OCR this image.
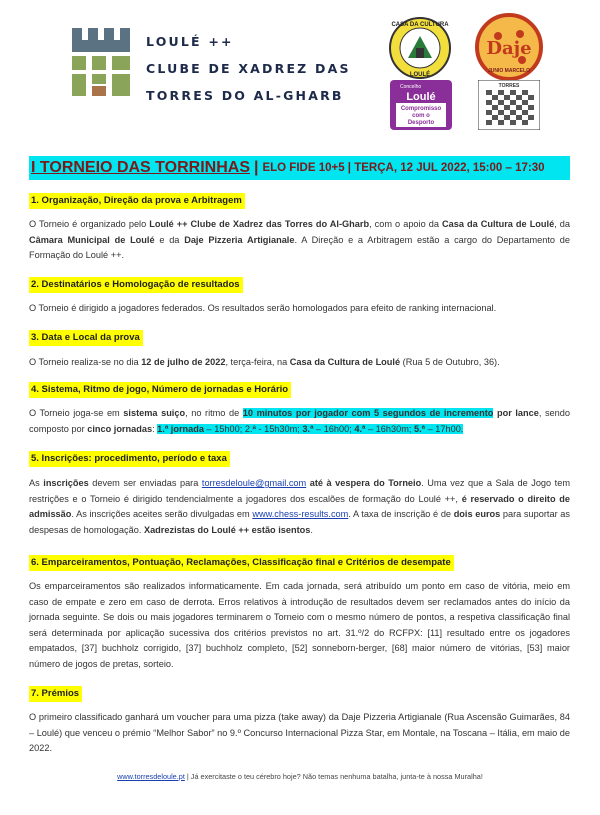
LOULÉ ++
CLUBE DE XADREZ DAS
TORRES DO AL-GHARB
CASA DA CULTURA
LOULÉ
Daje
JUNIO MARCELO
Concelho
Loulé
Compromisso
com o
Desporto
TORRES
I TORNEIO DAS TORRINHAS | ELO FIDE 10+5 | TERÇA, 12 JUL 2022, 15:00 – 17:30
1. Organização, Direção da prova e Arbitragem
O Torneio é organizado pelo Loulé ++ Clube de Xadrez das Torres do Al-Gharb, com o apoio da Casa da Cultura de Loulé, da Câmara Municipal de Loulé e da Daje Pizzeria Artigianale. A Direção e a Arbitragem estão a cargo do Departamento de Formação do Loulé ++.
2. Destinatários e Homologação de resultados
O Torneio é dirigido a jogadores federados. Os resultados serão homologados para efeito de ranking internacional.
3. Data e Local da prova
O Torneio realiza-se no dia 12 de julho de 2022, terça-feira, na Casa da Cultura de Loulé (Rua 5 de Outubro, 36).
4. Sistema, Ritmo de jogo, Número de jornadas e Horário
O Torneio joga-se em sistema suiço, no ritmo de 10 minutos por jogador com 5 segundos de incremento por lance, sendo composto por cinco jornadas: 1.ª jornada – 15h00; 2.ª - 15h30m; 3.ª – 16h00; 4.ª – 16h30m; 5.ª – 17h00.
5. Inscrições: procedimento, período e taxa
As inscrições devem ser enviadas para torresdeloule@gmail.com até à vespera do Torneio. Uma vez que a Sala de Jogo tem restrições e o Torneio é dirigido tendencialmente a jogadores dos escalões de formação do Loulé ++, é reservado o direito de admissão. As inscrições aceites serão divulgadas em www.chess-results.com. A taxa de inscrição é de dois euros para suportar as despesas de homologação. Xadrezistas do Loulé ++ estão isentos.
6. Emparceiramentos, Pontuação, Reclamações, Classificação final e Critérios de desempate
Os emparceiramentos são realizados informaticamente. Em cada jornada, será atribuído um ponto em caso de vitória, meio em caso de empate e zero em caso de derrota. Erros relativos à introdução de resultados devem ser reclamados antes do início da jornada seguinte. Se dois ou mais jogadores terminarem o Torneio com o mesmo número de pontos, a respetiva classificação final será determinada por aplicação sucessiva dos critérios previstos no art. 31.º/2 do RCFPX: [11] resultado entre os jogadores empatados, [37] buchholz corrigido, [37] buchholz completo, [52] sonneborn-berger, [68] maior número de vitórias, [53] maior número de jogos de pretas, sorteio.
7. Prémios
O primeiro classificado ganhará um voucher para uma pizza (take away) da Daje Pizzeria Artigianale (Rua Ascensão Guimarães, 84 – Loulé) que venceu o prémio “Melhor Sabor” no 9.º Concurso Internacional Pizza Star, em Montale, na Toscana – Itália, em maio de 2022.
www.torresdeloule.pt | Já exercitaste o teu cérebro hoje? Não temas nenhuma batalha, junta-te à nossa Muralha!
